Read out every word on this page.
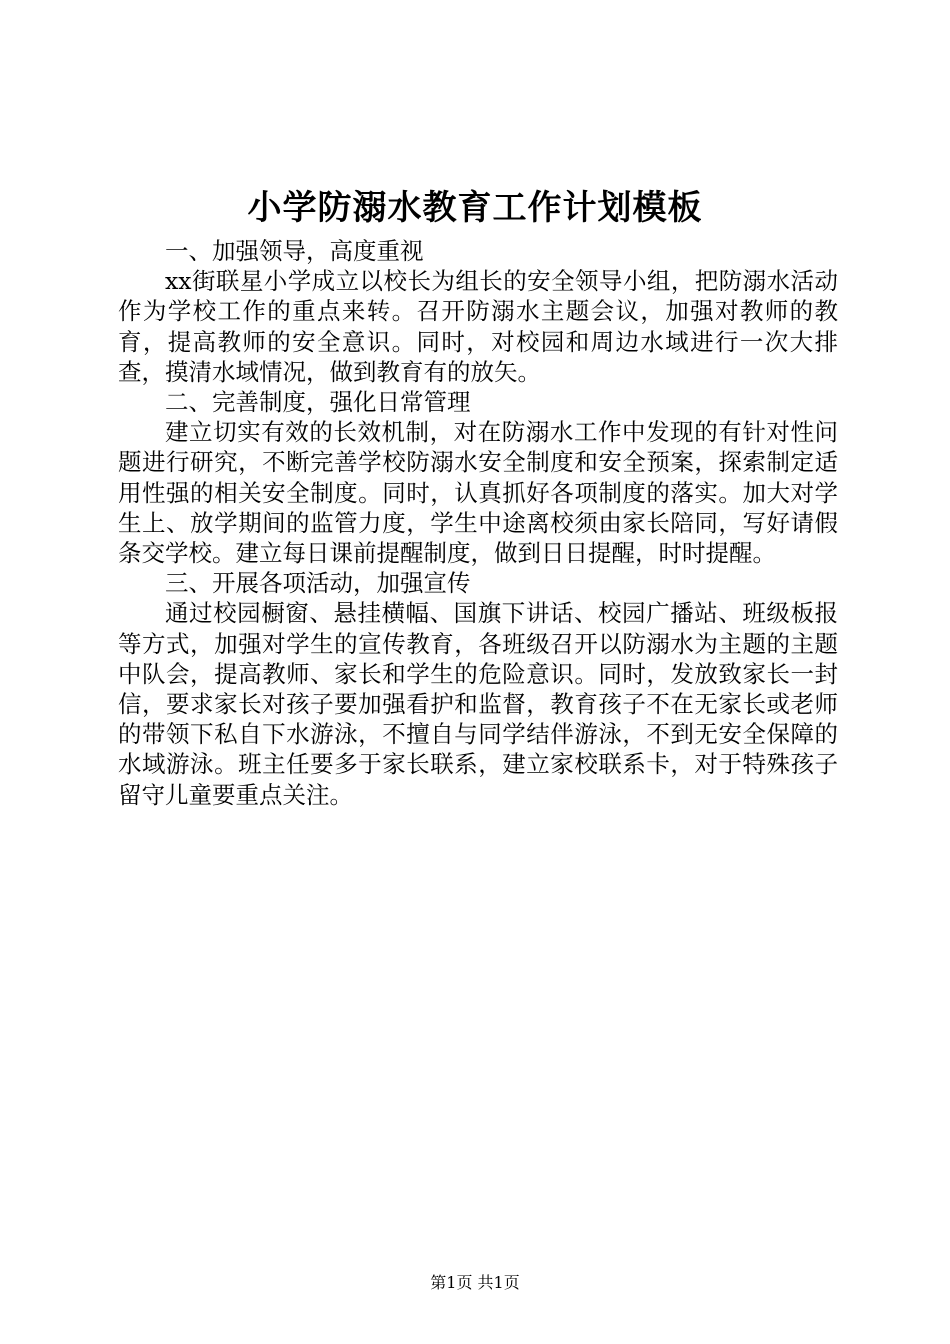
小学防溺水教育工作计划模板

一、加强领导，高度重视

xx街联星小学成立以校长为组长的安全领导小组，把防溺水活动作为学校工作的重点来转。召开防溺水主题会议，加强对教师的教育，提高教师的安全意识。同时，对校园和周边水域进行一次大排查，摸清水域情况，做到教育有的放矢。

二、完善制度，强化日常管理

建立切实有效的长效机制，对在防溺水工作中发现的有针对性问题进行研究，不断完善学校防溺水安全制度和安全预案，探索制定适用性强的相关安全制度。同时，认真抓好各项制度的落实。加大对学生上、放学期间的监管力度，学生中途离校须由家长陪同，写好请假条交学校。建立每日课前提醒制度，做到日日提醒，时时提醒。

三、开展各项活动，加强宣传

通过校园橱窗、悬挂横幅、国旗下讲话、校园广播站、班级板报等方式，加强对学生的宣传教育，各班级召开以防溺水为主题的主题中队会，提高教师、家长和学生的危险意识。同时，发放致家长一封信，要求家长对孩子要加强看护和监督，教育孩子不在无家长或老师的带领下私自下水游泳，不擅自与同学结伴游泳，不到无安全保障的水域游泳。班主任要多于家长联系，建立家校联系卡，对于特殊孩子留守儿童要重点关注。

第1页 共1页
